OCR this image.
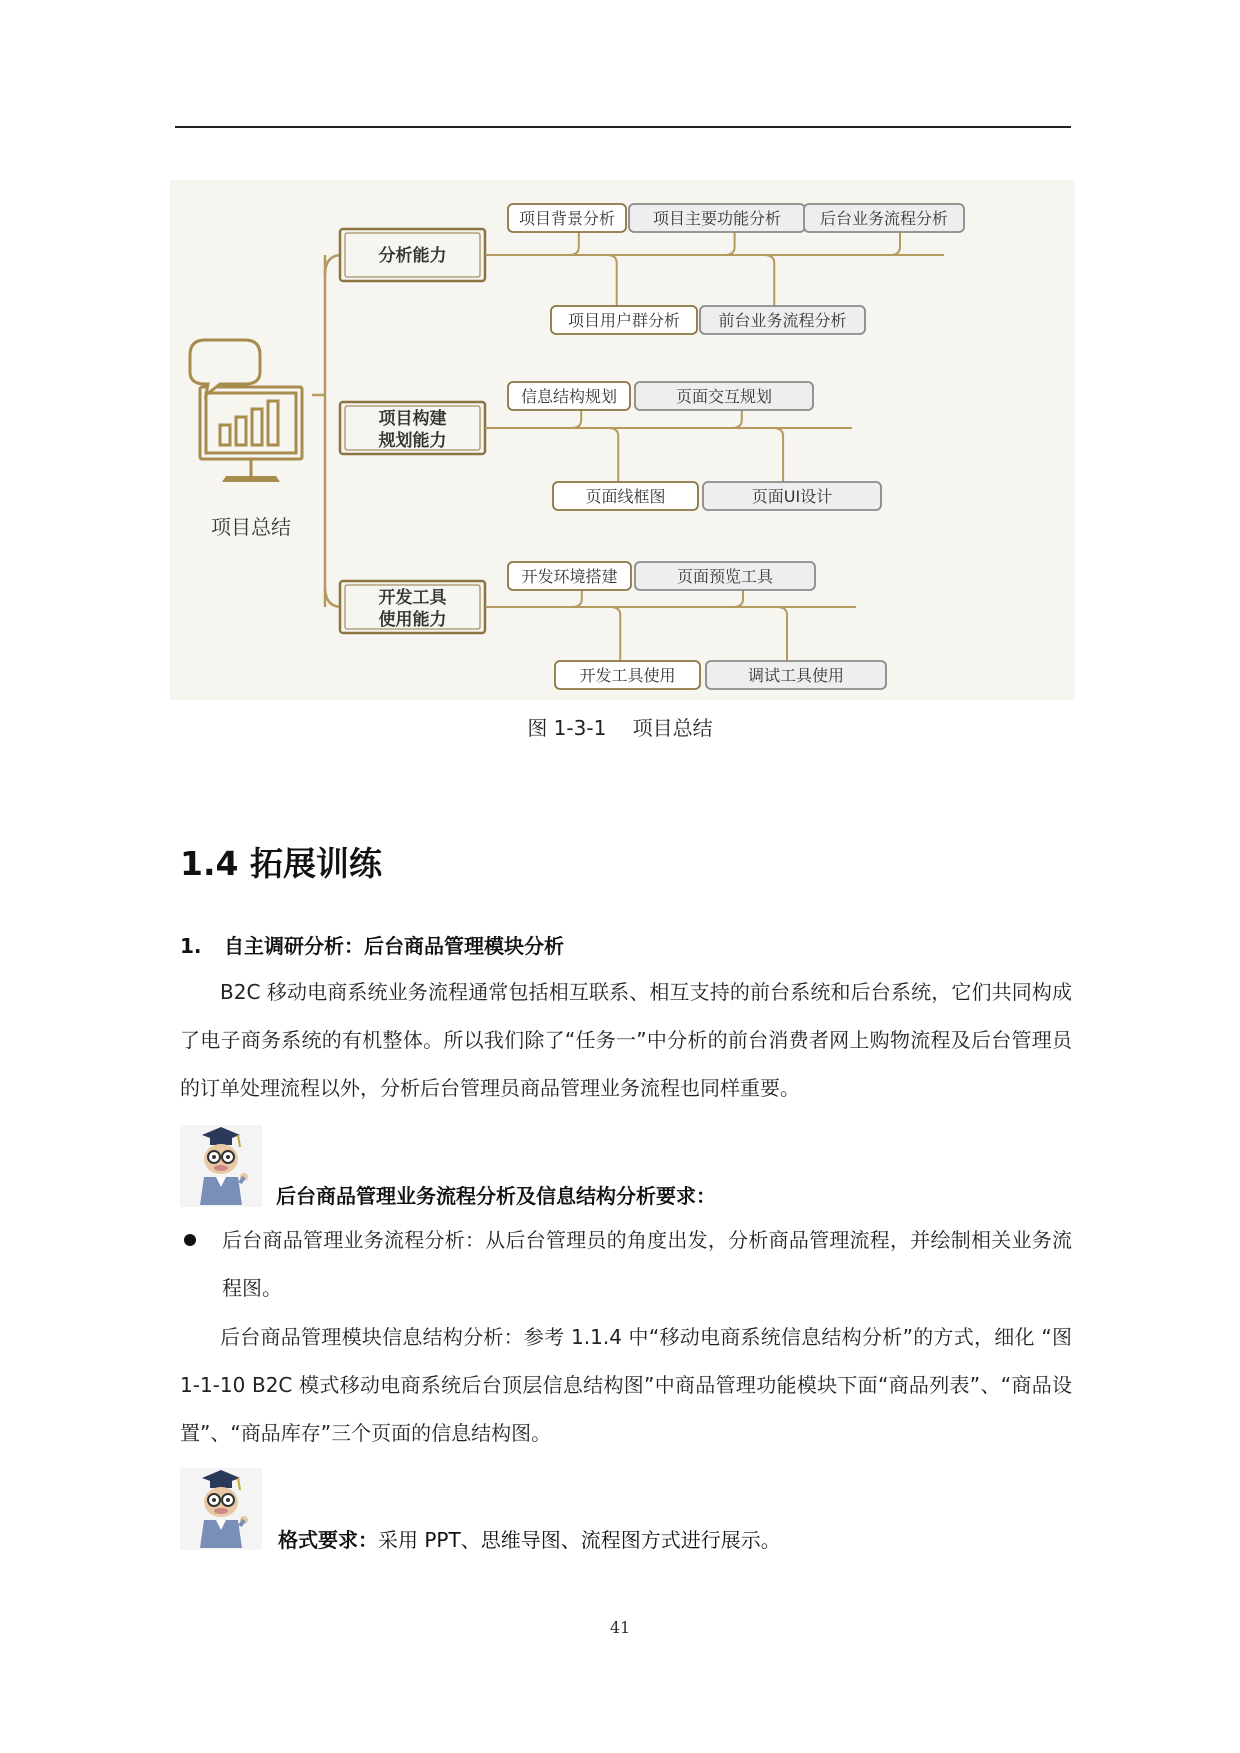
项目总结
分析能力
项目背景分析 项目主要功能分析 后台业务流程分析
项目用户群分析 前台业务流程分析
项目构建
规划能力
信息结构规划	页面交互规划
页面线框图	页面UI设计
开发工具
使用能力
开发环境搭建	页面预览工具
开发工具使用	调试工具使用
图 1-3-1 项目总结
1.4 拓展训练
1. 自主调研分析：后台商品管理模块分析
B2C 移动电商系统业务流程通常包括相互联系、相互支持的前台系统和后台系统，它们共同构成了电子商务系统的有机整体。所以我们除了“任务一”中分析的前台消费者网上购物流程及后台管理员的订单处理流程以外，分析后台管理员商品管理业务流程也同样重要。
后台商品管理业务流程分析及信息结构分析要求：
后台商品管理业务流程分析：从后台管理员的角度出发，分析商品管理流程，并绘制相关业务流程图。
后台商品管理模块信息结构分析：参考 1.1.4 中“移动电商系统信息结构分析”的方式，细化 “图 1-1-10 B2C 模式移动电商系统后台顶层信息结构图”中商品管理功能模块下面“商品列表”、“商品设置”、“商品库存”三个页面的信息结构图。
格式要求：采用 PPT、思维导图、流程图方式进行展示。
41
